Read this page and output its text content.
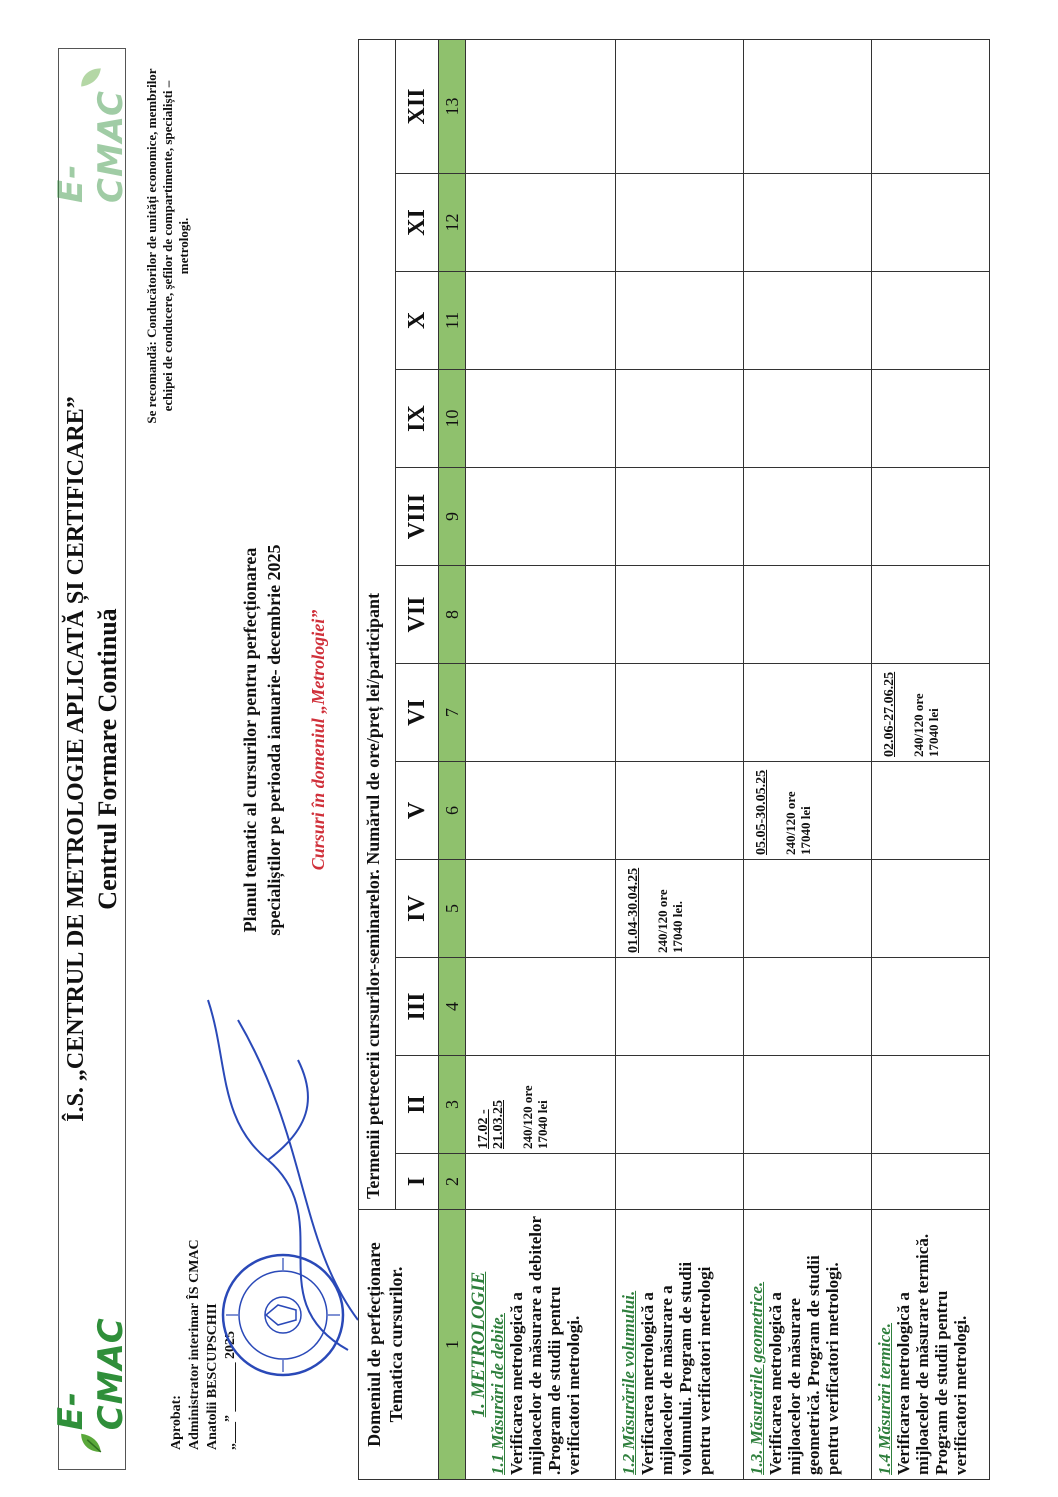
E-CMAC
Î.S. „CENTRUL DE METROLOGIE APLICATĂ ȘI CERTIFICARE” Centrul Formare Continuă
E-CMAC
Aprobat: Administrator interimar ÎS CMAC Anatolii BESCUPSCHII „___” _______ 2025
Se recomandă: Conducătorilor de unități economice, membrilor echipei de conducere, șefilor de compartimente, specialiști – metrologi.
Planul tematic al cursurilor pentru perfecționarea specialiștilor pe perioada ianuarie- decembrie 2025 Cursuri în domeniul „Metrologiei”
Domeniul de perfecționare Tematica cursurilor.	Termenii petrecerii cursurilor-seminarelor. Numărul de ore/preț lei/participant											
	I	II	III	IV	V	VI	VII	VIII	IX	X	XI	XII
1	2	3	4	5	6	7	8	9	10	11	12	13

1. METROLOGIE 1.1 Măsurări de debite. Verificarea metrologică a mijloacelor de măsurare a debitelor .Program de studii pentru verificatori metrologi.		17.02 - 21.03.25 240/120 ore 17040 lei										

1.2 Măsurările volumului. Verificarea metrologică a mijloacelor de măsurare a volumului. Program de studii pentru verificatori metrologi				01.04-30.04.25 240/120 ore 17040 lei.								

1.3. Măsurările geometrice. Verificarea metrologică a mijloacelor de măsurare geometrică. Program de studii pentru verificatori metrologi.					05.05-30.05.25 240/120 ore 17040 lei							

1.4 Măsurări termice. Verificarea metrologică a mijloacelor de măsurare termică. Program de studii pentru verificatori metrologi.						02.06-27.06.25 240/120 ore 17040 lei						
